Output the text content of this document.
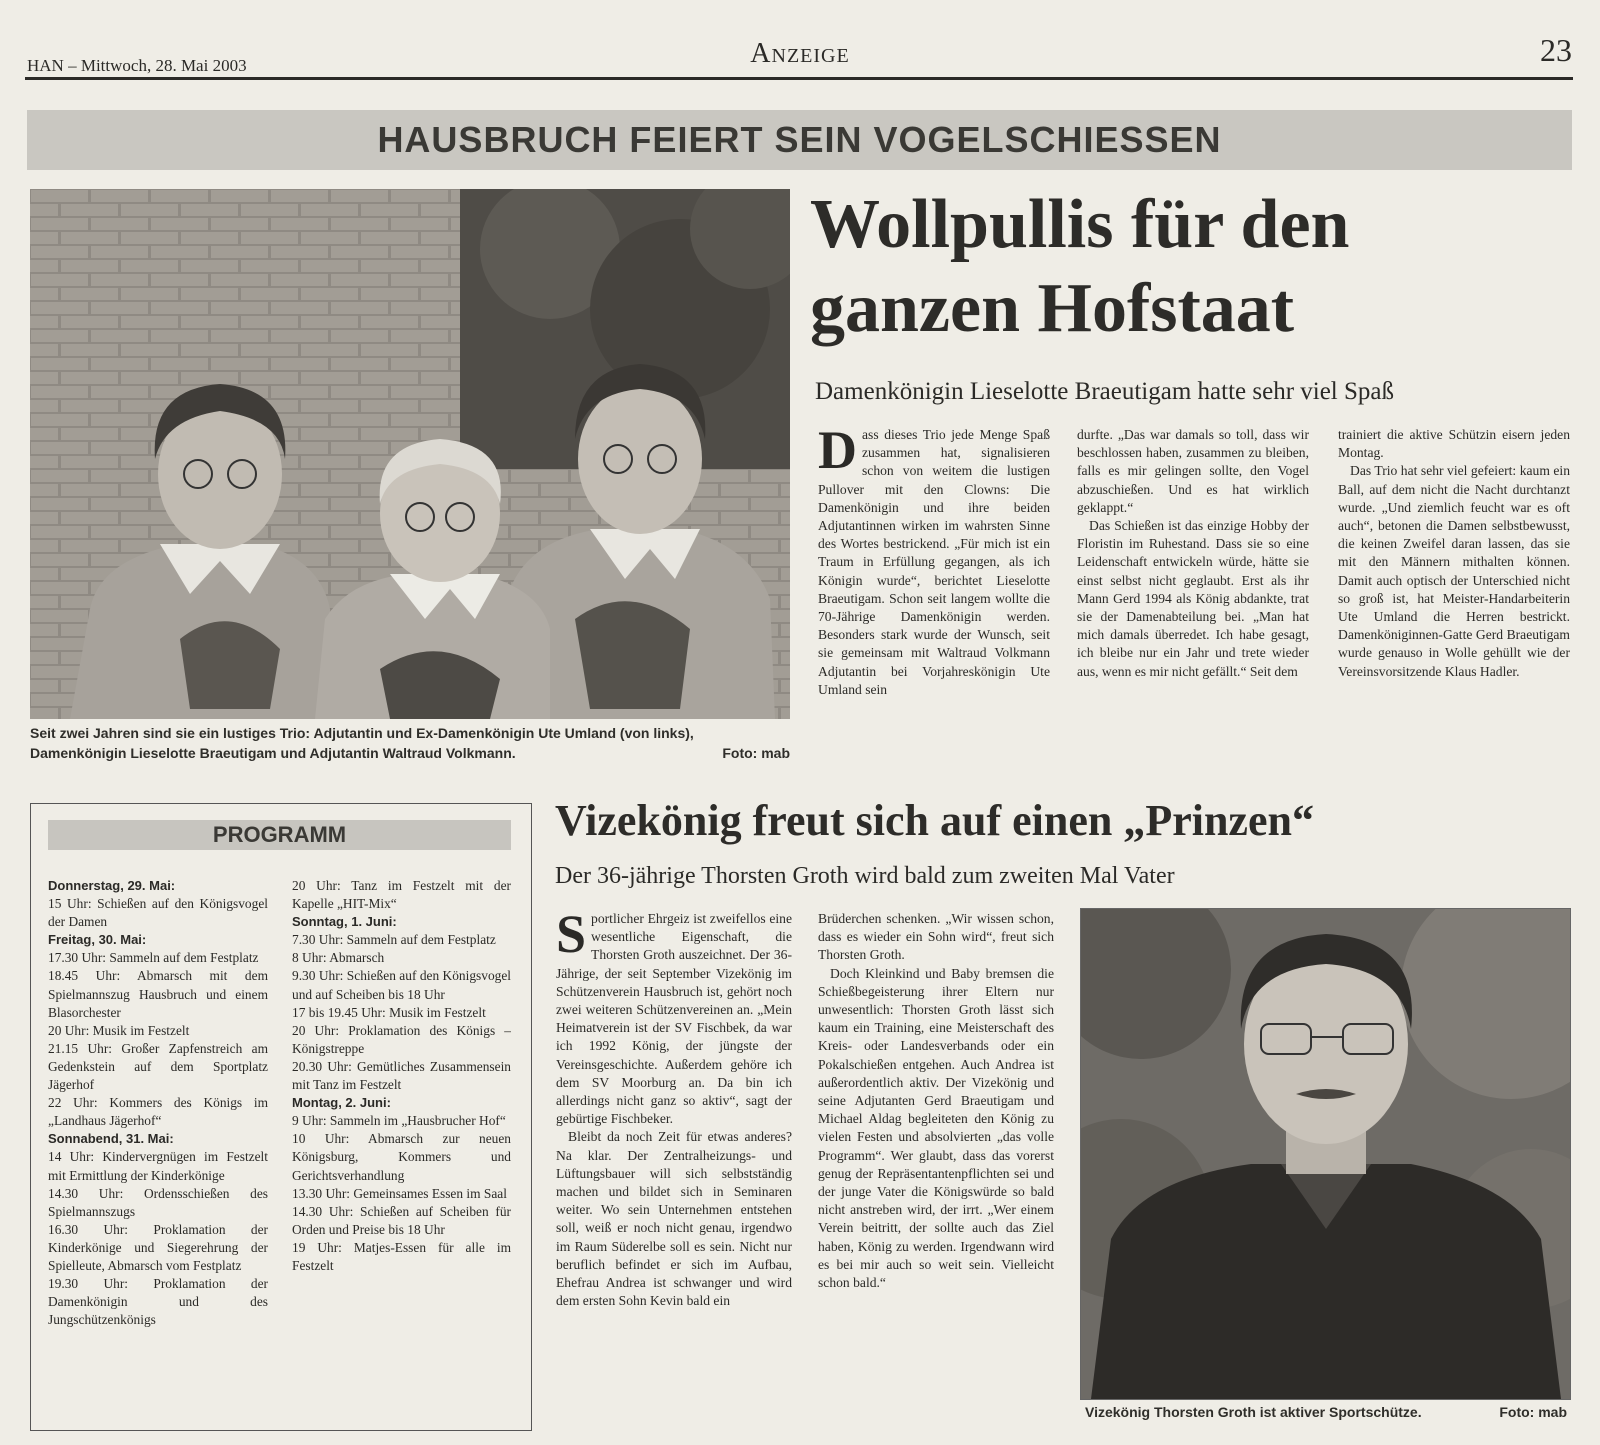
HAN – Mittwoch, 28. Mai 2003	Anzeige	23
HAUSBRUCH FEIERT SEIN VOGELSCHIESSEN
Foto: mab
Seit zwei Jahren sind sie ein lustiges Trio: Adjutantin und Ex-Damenkönigin Ute Umland (von links), Damenkönigin Lieselotte Braeutigam und Adjutantin Waltraud Volkmann.
Wollpullis für den
ganzen Hofstaat
Damenkönigin Lieselotte Braeutigam hatte sehr viel Spaß

Dass dieses Trio jede Menge Spaß zusammen hat, signalisieren schon von weitem die lustigen Pullover mit den Clowns: Die Damenkönigin und ihre beiden Adjutantinnen wirken im wahrsten Sinne des Wortes bestrickend. „Für mich ist ein Traum in Erfüllung gegangen, als ich Königin wurde“, berichtet Lieselotte Braeutigam. Schon seit langem wollte die 70-Jährige Damenkönigin werden. Besonders stark wurde der Wunsch, seit sie gemeinsam mit Waltraud Volkmann Adjutantin bei Vorjahreskönigin Ute Umland sein

durfte. „Das war damals so toll, dass wir beschlossen haben, zusammen zu bleiben, falls es mir gelingen sollte, den Vogel abzuschießen. Und es hat wirklich geklappt.“

Das Schießen ist das einzige Hobby der Floristin im Ruhestand. Dass sie so eine Leidenschaft entwickeln würde, hätte sie einst selbst nicht geglaubt. Erst als ihr Mann Gerd 1994 als König abdankte, trat sie der Damenabteilung bei. „Man hat mich damals überredet. Ich habe gesagt, ich bleibe nur ein Jahr und trete wieder aus, wenn es mir nicht gefällt.“ Seit dem

trainiert die aktive Schützin eisern jeden Montag.

Das Trio hat sehr viel gefeiert: kaum ein Ball, auf dem nicht die Nacht durchtanzt wurde. „Und ziemlich feucht war es oft auch“, betonen die Damen selbstbewusst, die keinen Zweifel daran lassen, das sie mit den Männern mithalten können. Damit auch optisch der Unterschied nicht so groß ist, hat Meister-Handarbeiterin Ute Umland die Herren bestrickt. Damenköniginnen-Gatte Gerd Braeutigam wurde genauso in Wolle gehüllt wie der Vereinsvorsitzende Klaus Hadler.

PROGRAMM
Donnerstag, 29. Mai:
15 Uhr: Schießen auf den Königsvogel der Damen
Freitag, 30. Mai:
17.30 Uhr: Sammeln auf dem Festplatz
18.45 Uhr: Abmarsch mit dem Spielmannszug Hausbruch und einem Blasorchester
20 Uhr: Musik im Festzelt
21.15 Uhr: Großer Zapfenstreich am Gedenkstein auf dem Sportplatz Jägerhof
22 Uhr: Kommers des Königs im „Landhaus Jägerhof“
Sonnabend, 31. Mai:
14 Uhr: Kindervergnügen im Festzelt mit Ermittlung der Kinderkönige
14.30 Uhr: Ordensschießen des Spielmannszugs
16.30 Uhr: Proklamation der Kinderkönige und Siegerehrung der Spielleute, Abmarsch vom Festplatz
19.30 Uhr: Proklamation der Damenkönigin und des Jungschützenkönigs
20 Uhr: Tanz im Festzelt mit der Kapelle „HIT-Mix“
Sonntag, 1. Juni:
7.30 Uhr: Sammeln auf dem Festplatz
8 Uhr: Abmarsch
9.30 Uhr: Schießen auf den Königsvogel und auf Scheiben bis 18 Uhr
17 bis 19.45 Uhr: Musik im Festzelt
20 Uhr: Proklamation des Königs – Königstreppe
20.30 Uhr: Gemütliches Zusammensein mit Tanz im Festzelt
Montag, 2. Juni:
9 Uhr: Sammeln im „Hausbrucher Hof“
10 Uhr: Abmarsch zur neuen Königsburg, Kommers und Gerichtsverhandlung
13.30 Uhr: Gemeinsames Essen im Saal
14.30 Uhr: Schießen auf Scheiben für Orden und Preise bis 18 Uhr
19 Uhr: Matjes-Essen für alle im Festzelt
Vizekönig freut sich auf einen „Prinzen“
Der 36-jährige Thorsten Groth wird bald zum zweiten Mal Vater

Sportlicher Ehrgeiz ist zweifellos eine wesentliche Eigenschaft, die Thorsten Groth auszeichnet. Der 36-Jährige, der seit September Vizekönig im Schützenverein Hausbruch ist, gehört noch zwei weiteren Schützenvereinen an. „Mein Heimatverein ist der SV Fischbek, da war ich 1992 König, der jüngste der Vereinsgeschichte. Außerdem gehöre ich dem SV Moorburg an. Da bin ich allerdings nicht ganz so aktiv“, sagt der gebürtige Fischbeker.

Bleibt da noch Zeit für etwas anderes? Na klar. Der Zentralheizungs- und Lüftungsbauer will sich selbstständig machen und bildet sich in Seminaren weiter. Wo sein Unternehmen entstehen soll, weiß er noch nicht genau, irgendwo im Raum Süderelbe soll es sein. Nicht nur beruflich befindet er sich im Aufbau, Ehefrau Andrea ist schwanger und wird dem ersten Sohn Kevin bald ein

Brüderchen schenken. „Wir wissen schon, dass es wieder ein Sohn wird“, freut sich Thorsten Groth.

Doch Kleinkind und Baby bremsen die Schießbegeisterung ihrer Eltern nur unwesentlich: Thorsten Groth lässt sich kaum ein Training, eine Meisterschaft des Kreis- oder Landesverbands oder ein Pokalschießen entgehen. Auch Andrea ist außerordentlich aktiv. Der Vizekönig und seine Adjutanten Gerd Braeutigam und Michael Aldag begleiteten den König zu vielen Festen und absolvierten „das volle Programm“. Wer glaubt, dass das vorerst genug der Repräsentantenpflichten sei und der junge Vater die Königswürde so bald nicht anstreben wird, der irrt. „Wer einem Verein beitritt, der sollte auch das Ziel haben, König zu werden. Irgendwann wird es bei mir auch so weit sein. Vielleicht schon bald.“

Foto: mab
Vizekönig Thorsten Groth ist aktiver Sportschütze.
